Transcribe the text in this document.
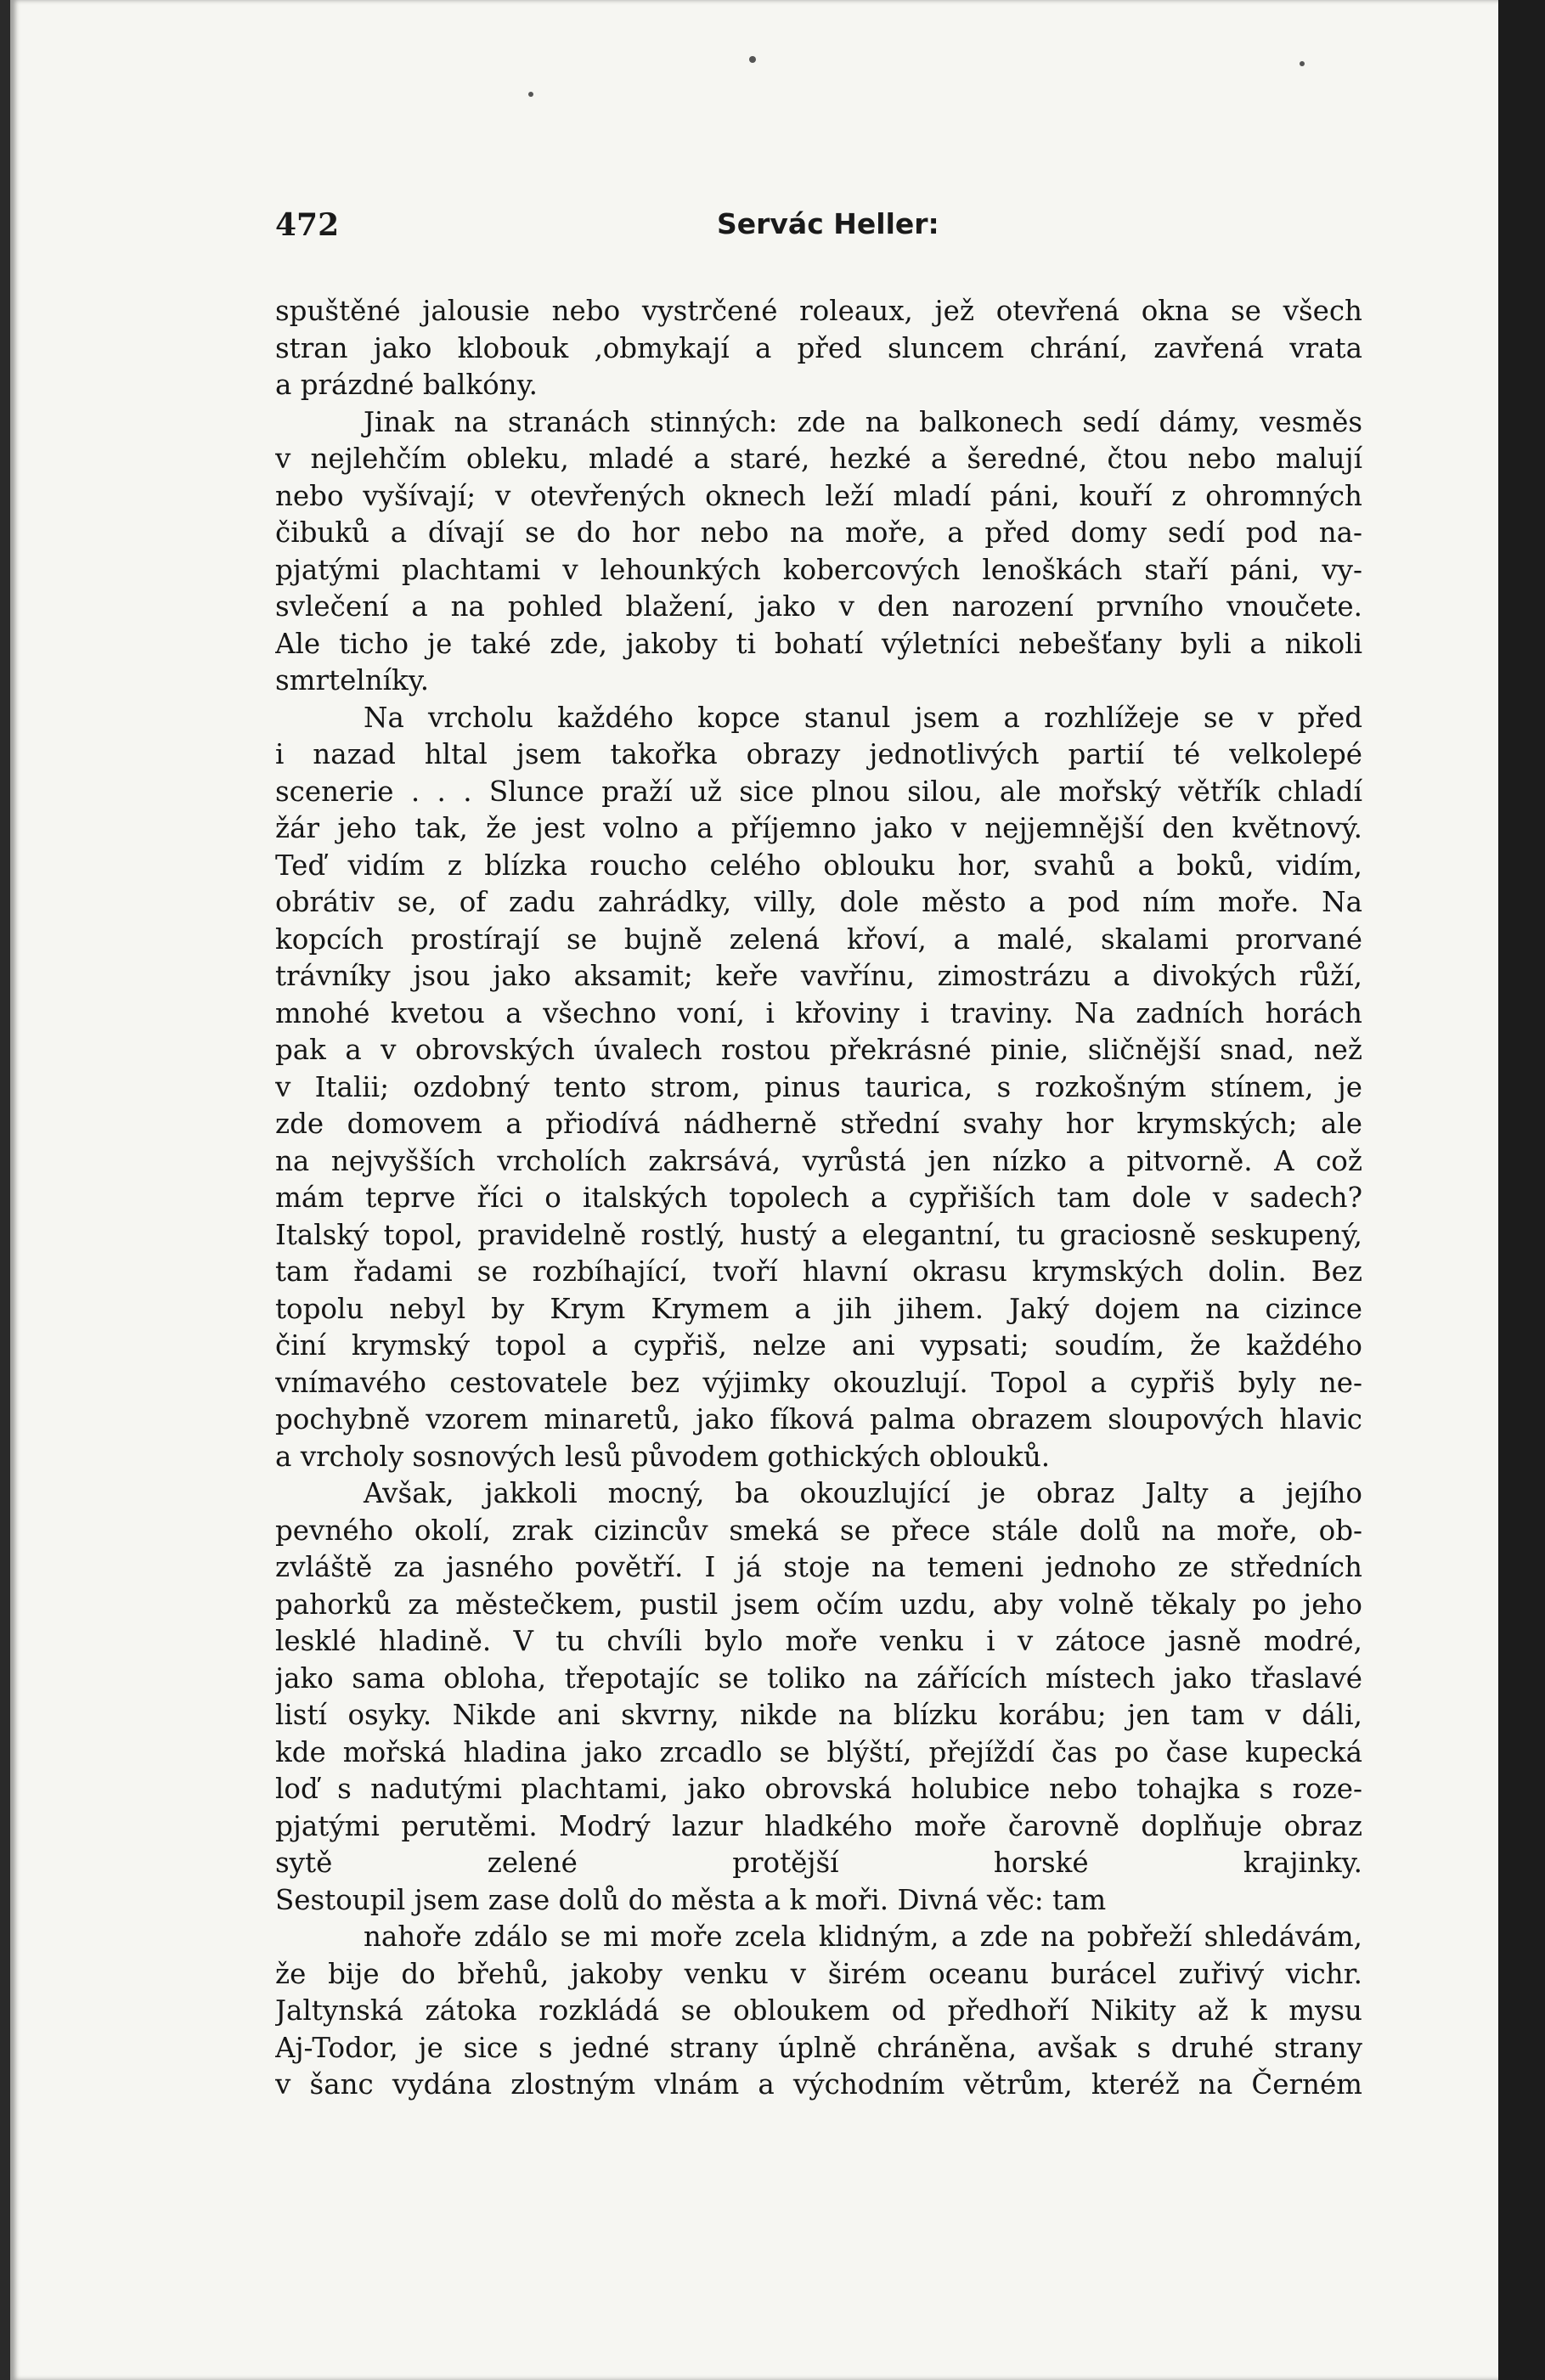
472	Servác Heller:
spuštěné jalousie nebo vystrčené roleaux, jež otevřená okna se všech
stran jako klobouk ‚obmykají a před sluncem chrání, zavřená vrata
a prázdné balkóny.
Jinak na stranách stinných: zde na balkonech sedí dámy, vesměs
v nejlehčím obleku, mladé a staré, hezké a šeredné, čtou nebo malují
nebo vyšívají; v otevřených oknech leží mladí páni, kouří z ohromných
čibuků a dívají se do hor nebo na moře, a před domy sedí pod na-
pjatými plachtami v lehounkých kobercových lenoškách staří páni, vy-
svlečení a na pohled blažení, jako v den narození prvního vnoučete.
Ale ticho je také zde, jakoby ti bohatí výletníci nebešťany byli a nikoli
smrtelníky.
Na vrcholu každého kopce stanul jsem a rozhlížeje se v před
i nazad hltal jsem takořka obrazy jednotlivých partií té velkolepé
scenerie . . . Slunce praží už sice plnou silou, ale mořský větřík chladí
žár jeho tak, že jest volno a příjemno jako v nejjemnější den květnový.
Teď vidím z blízka roucho celého oblouku hor, svahů a boků, vidím,
obrátiv se, of zadu zahrádky, villy, dole město a pod ním moře. Na
kopcích prostírají se bujně zelená křoví, a malé, skalami prorvané
trávníky jsou jako aksamit; keře vavřínu, zimostrázu a divokých růží,
mnohé kvetou a všechno voní, i křoviny i traviny. Na zadních horách
pak a v obrovských úvalech rostou překrásné pinie, sličnější snad, než
v Italii; ozdobný tento strom, pinus taurica, s rozkošným stínem, je
zde domovem a přiodívá nádherně střední svahy hor krymských; ale
na nejvyšších vrcholích zakrsává, vyrůstá jen nízko a pitvorně. A což
mám teprve říci o italských topolech a cypřiších tam dole v sadech?
Italský topol, pravidelně rostlý, hustý a elegantní, tu graciosně seskupený,
tam řadami se rozbíhající, tvoří hlavní okrasu krymských dolin. Bez
topolu nebyl by Krym Krymem a jih jihem. Jaký dojem na cizince
činí krymský topol a cypřiš, nelze ani vypsati; soudím, že každého
vnímavého cestovatele bez výjimky okouzlují. Topol a cypřiš byly ne-
pochybně vzorem minaretů, jako fíková palma obrazem sloupových hlavic
a vrcholy sosnových lesů původem gothických oblouků.
Avšak, jakkoli mocný, ba okouzlující je obraz Jalty a jejího
pevného okolí, zrak cizincův smeká se přece stále dolů na moře, ob-
zvláště za jasného povětří. I já stoje na temeni jednoho ze středních
pahorků za městečkem, pustil jsem očím uzdu, aby volně těkaly po jeho
lesklé hladině. V tu chvíli bylo moře venku i v zátoce jasně modré,
jako sama obloha, třepotajíc se toliko na zářících místech jako třaslavé
listí osyky. Nikde ani skvrny, nikde na blízku korábu; jen tam v dáli,
kde mořská hladina jako zrcadlo se blýští, přejíždí čas po čase kupecká
loď s nadutými plachtami, jako obrovská holubice nebo tohajka s roze-
pjatými perutěmi. Modrý lazur hladkého moře čarovně doplňuje obraz
sytě zelené protější horské krajinky.
Sestoupil jsem zase dolů do města a k moři. Divná věc: tam
nahoře zdálo se mi moře zcela klidným, a zde na pobřeží shledávám,
že bije do břehů, jakoby venku v širém oceanu burácel zuřivý vichr.
Jaltynská zátoka rozkládá se obloukem od předhoří Nikity až k mysu
Aj-Todor, je sice s jedné strany úplně chráněna, avšak s druhé strany
v šanc vydána zlostným vlnám a východním větrům, kteréž na Černém
